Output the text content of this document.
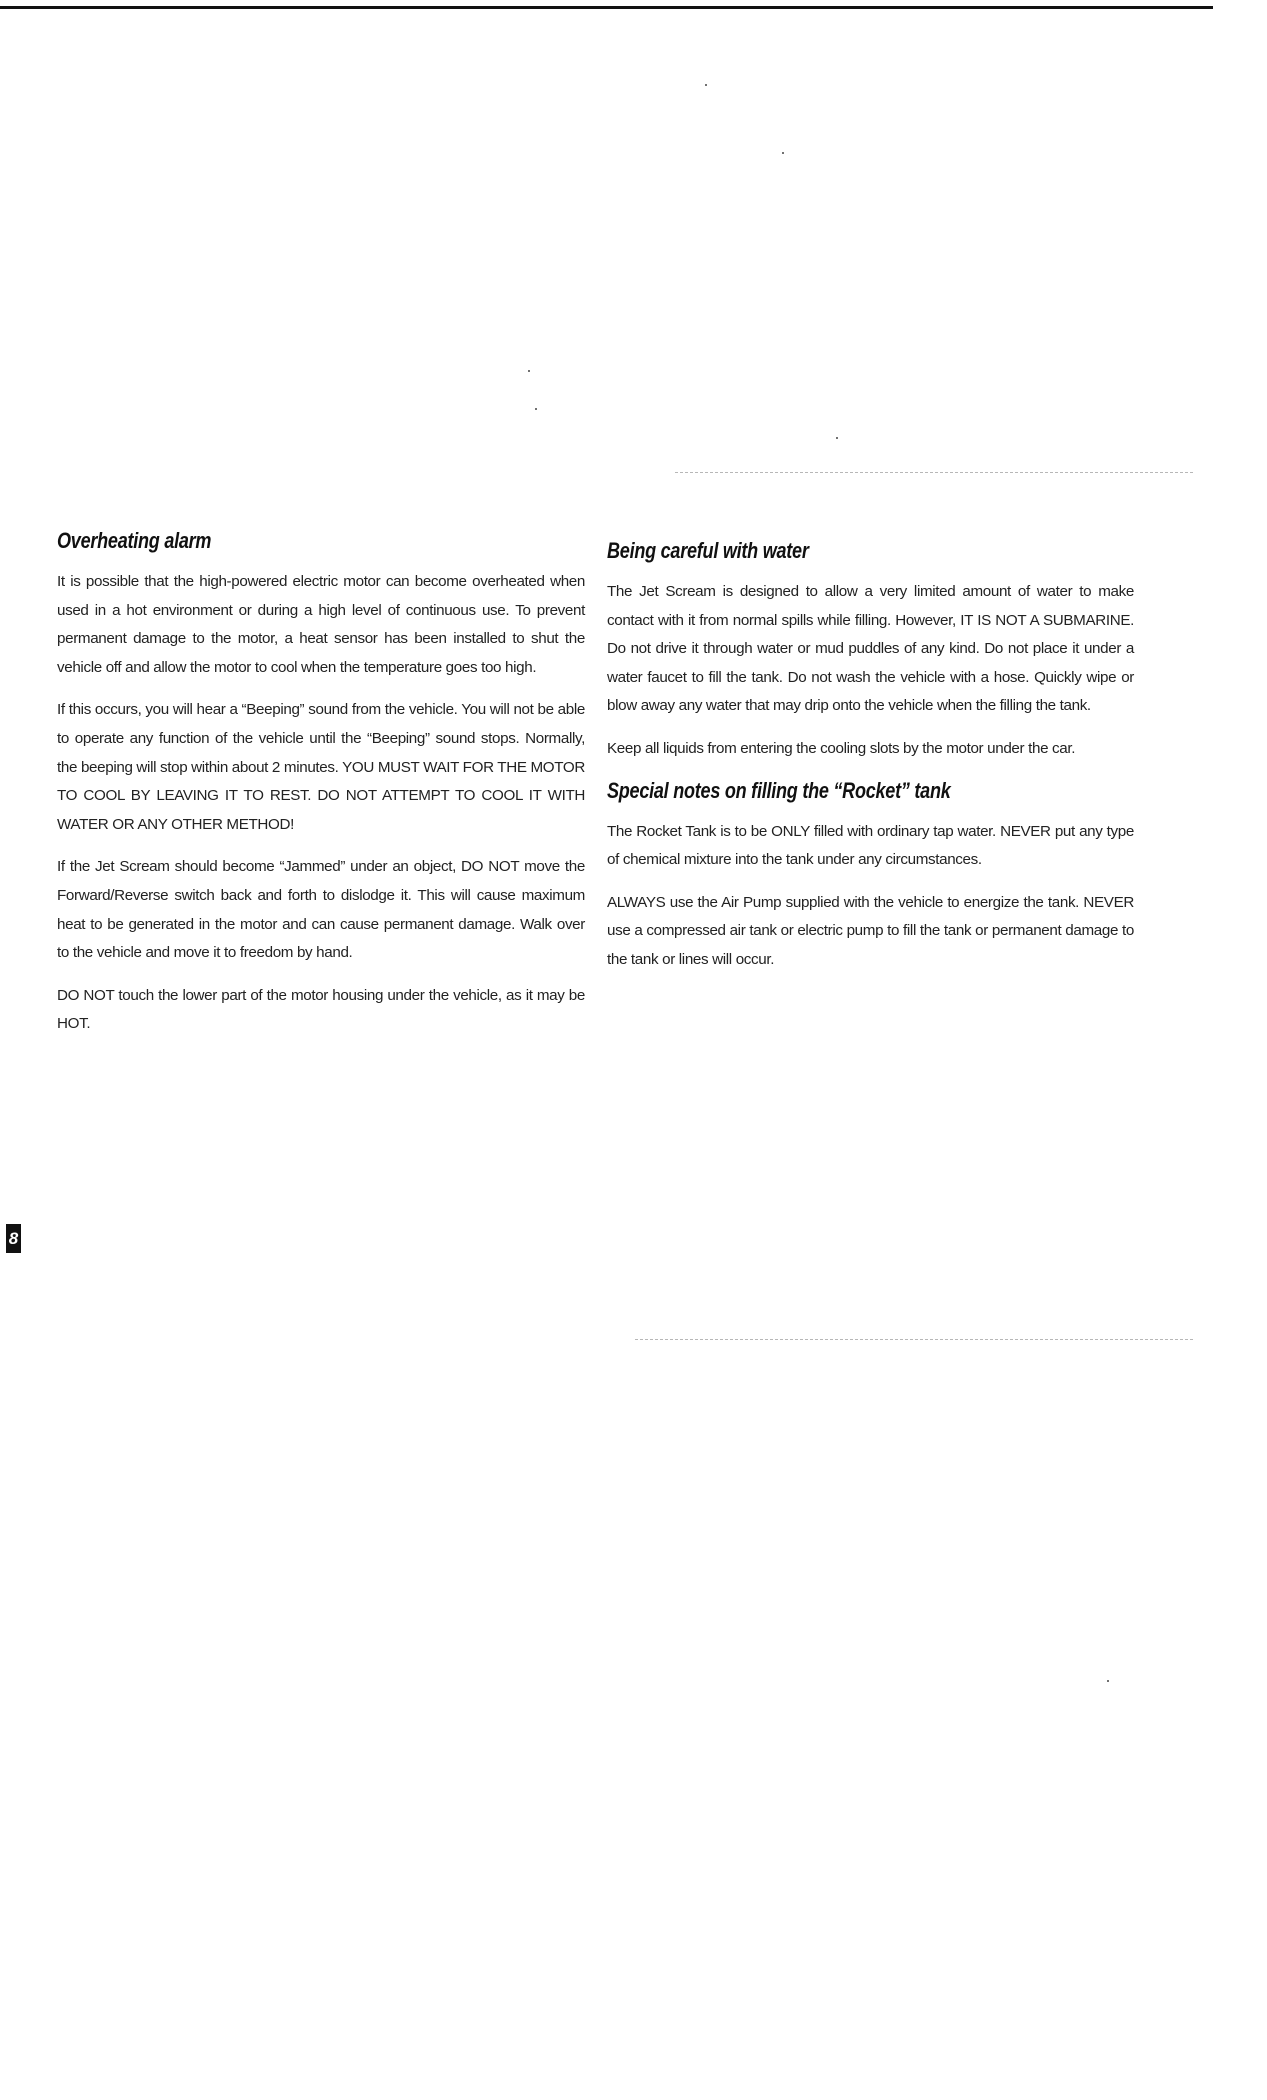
Overheating alarm

It is possible that the high-powered electric motor can become overheated when used in a hot environment or during a high level of continuous use. To prevent permanent damage to the motor, a heat sensor has been installed to shut the vehicle off and allow the motor to cool when the temperature goes too high.

If this occurs, you will hear a “Beeping” sound from the vehicle. You will not be able to operate any function of the vehicle until the “Beeping” sound stops. Normally, the beeping will stop within about 2 minutes. YOU MUST WAIT FOR THE MOTOR TO COOL BY LEAVING IT TO REST. DO NOT ATTEMPT TO COOL IT WITH WATER OR ANY OTHER METHOD!

If the Jet Scream should become “Jammed” under an object, DO NOT move the Forward/Reverse switch back and forth to dislodge it. This will cause maximum heat to be generated in the motor and can cause permanent damage. Walk over to the vehicle and move it to freedom by hand.

DO NOT touch the lower part of the motor housing under the vehicle, as it may be HOT.

Being careful with water

The Jet Scream is designed to allow a very limited amount of water to make contact with it from normal spills while filling. However, IT IS NOT A SUBMARINE. Do not drive it through water or mud puddles of any kind. Do not place it under a water faucet to fill the tank. Do not wash the vehicle with a hose. Quickly wipe or blow away any water that may drip onto the vehicle when the filling the tank.

Keep all liquids from entering the cooling slots by the motor under the car.

Special notes on filling the “Rocket” tank

The Rocket Tank is to be ONLY filled with ordinary tap water. NEVER put any type of chemical mixture into the tank under any circumstances.

ALWAYS use the Air Pump supplied with the vehicle to energize the tank. NEVER use a compressed air tank or electric pump to fill the tank or permanent damage to the tank or lines will occur.

8
